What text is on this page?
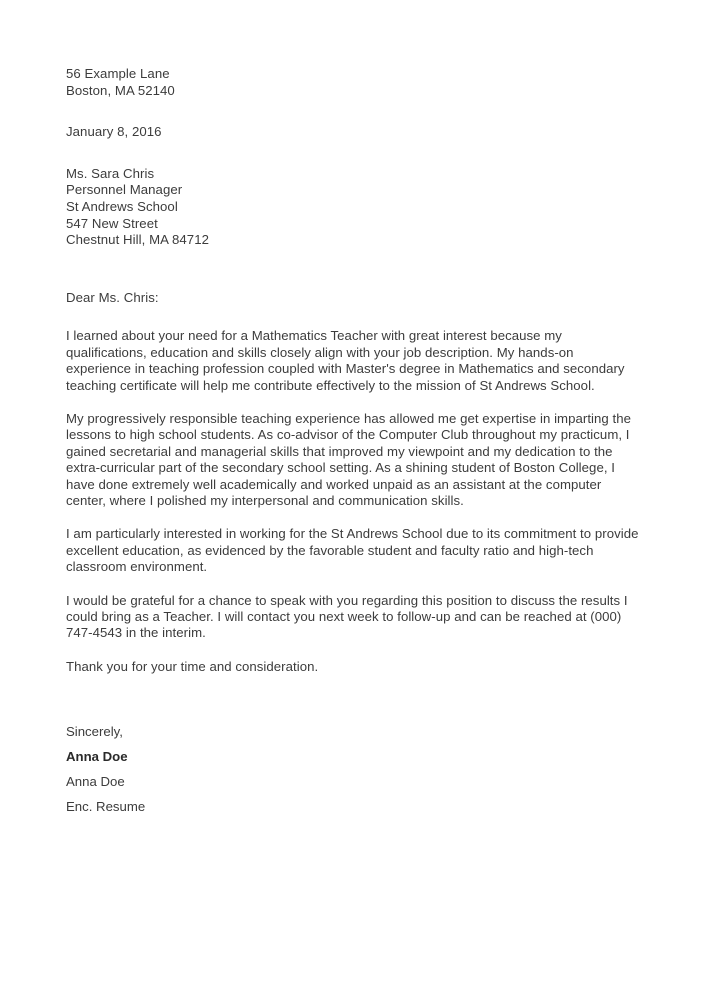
56 Example Lane
Boston, MA 52140
January 8, 2016
Ms. Sara Chris
Personnel Manager
St Andrews School
547 New Street
Chestnut Hill, MA 84712
Dear Ms. Chris:

I learned about your need for a Mathematics Teacher with great interest because my qualifications, education and skills closely align with your job description. My hands-on experience in teaching profession coupled with Master's degree in Mathematics and secondary teaching certificate will help me contribute effectively to the mission of St Andrews School.

My progressively responsible teaching experience has allowed me get expertise in imparting the lessons to high school students. As co-advisor of the Computer Club throughout my practicum, I gained secretarial and managerial skills that improved my viewpoint and my dedication to the extra-curricular part of the secondary school setting. As a shining student of Boston College, I have done extremely well academically and worked unpaid as an assistant at the computer center, where I polished my interpersonal and communication skills.

I am particularly interested in working for the St Andrews School due to its commitment to provide excellent education, as evidenced by the favorable student and faculty ratio and high-tech classroom environment.

I would be grateful for a chance to speak with you regarding this position to discuss the results I could bring as a Teacher. I will contact you next week to follow-up and can be reached at (000) 747-4543 in the interim.

Thank you for your time and consideration.

Sincerely,
Anna Doe
Anna Doe
Enc. Resume
